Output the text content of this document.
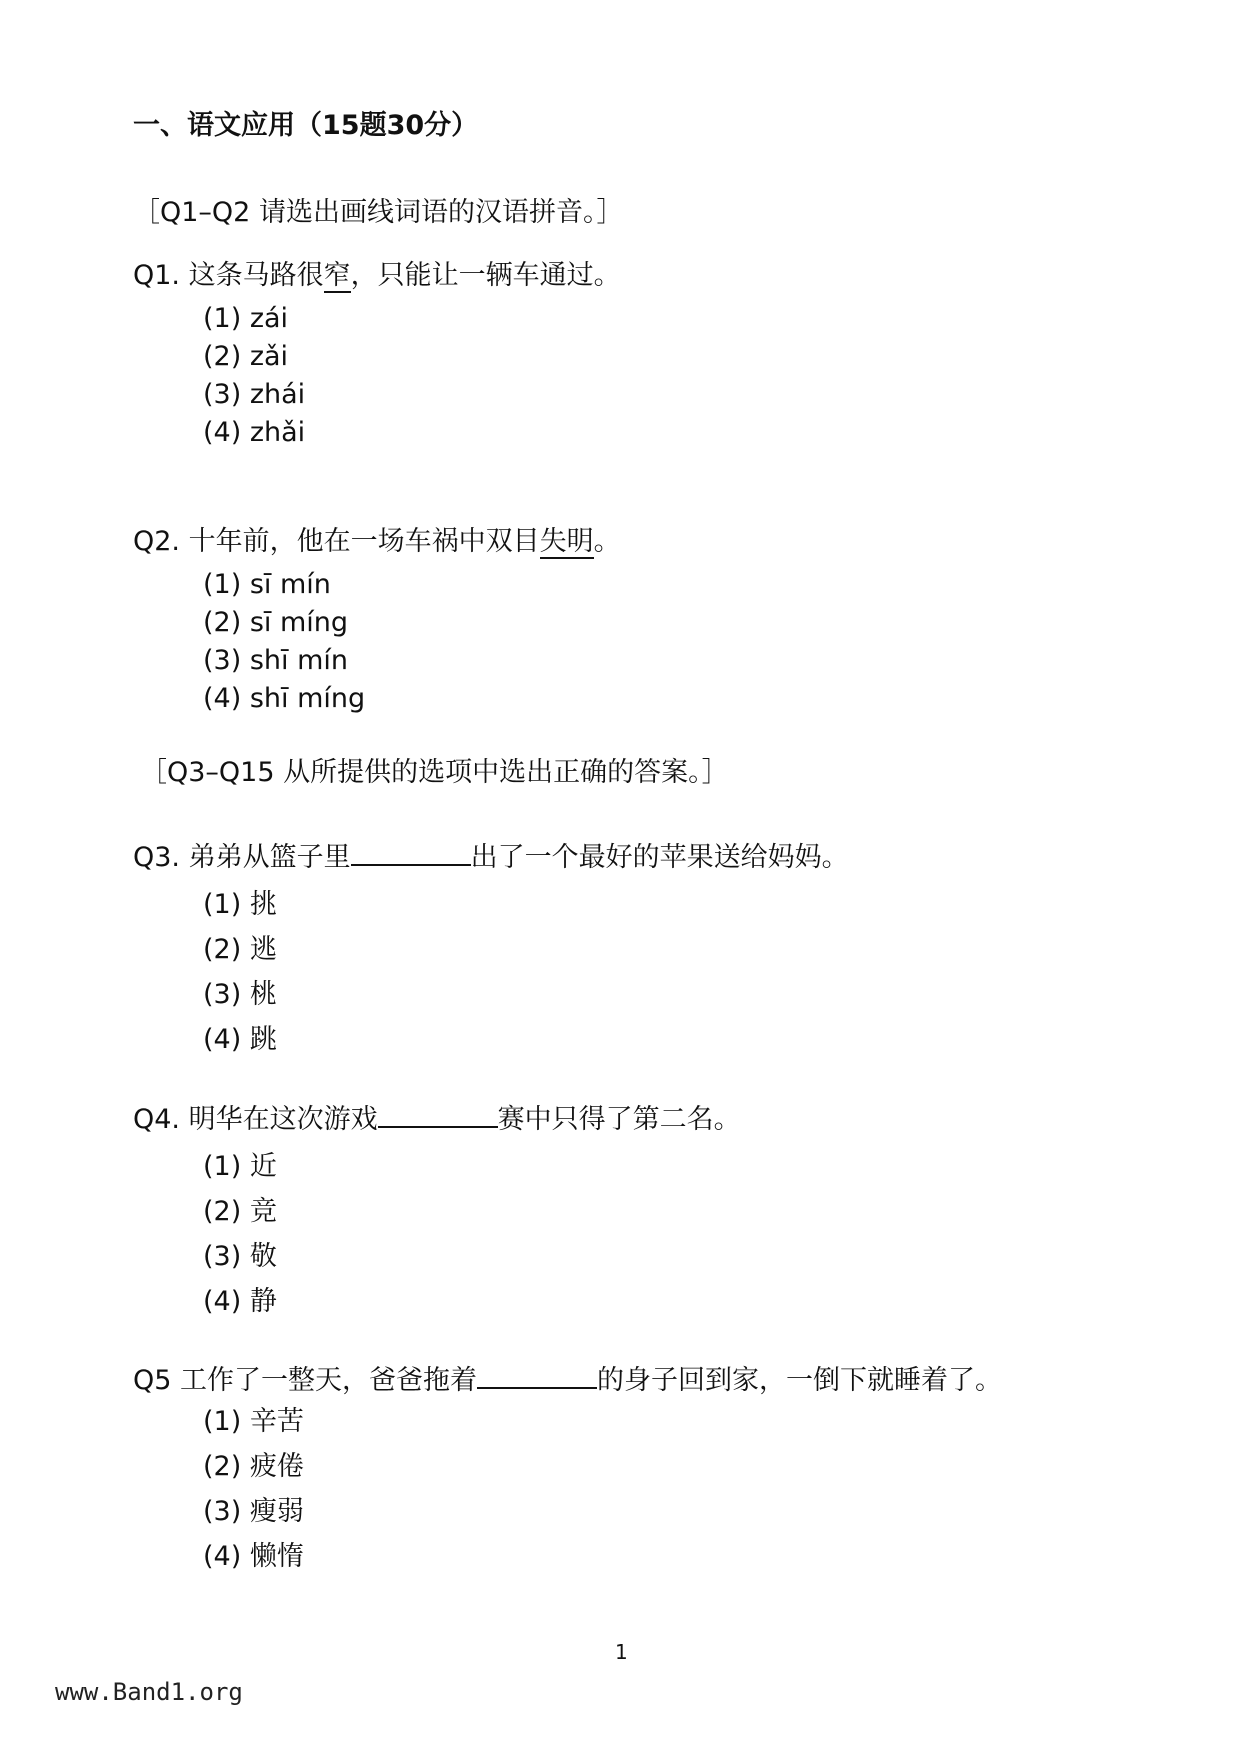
一、语文应用（15题30分）
［Q1–Q2 请选出画线词语的汉语拼音。］
Q1. 这条马路很窄，只能让一辆车通过。
(1) zái
(2) zǎi
(3) zhái
(4) zhǎi
Q2. 十年前，他在一场车祸中双目失明。
(1) sī mín
(2) sī míng
(3) shī mín
(4) shī míng
［Q3–Q15 从所提供的选项中选出正确的答案。］
Q3. 弟弟从篮子里	出了一个最好的苹果送给妈妈。
(1) 挑
(2) 逃
(3) 桃
(4) 跳
Q4. 明华在这次游戏	赛中只得了第二名。
(1) 近
(2) 竞
(3) 敬
(4) 静
Q5 工作了一整天，爸爸拖着	的身子回到家，一倒下就睡着了。
(1) 辛苦
(2) 疲倦
(3) 瘦弱
(4) 懒惰
1
www.Band1.org
